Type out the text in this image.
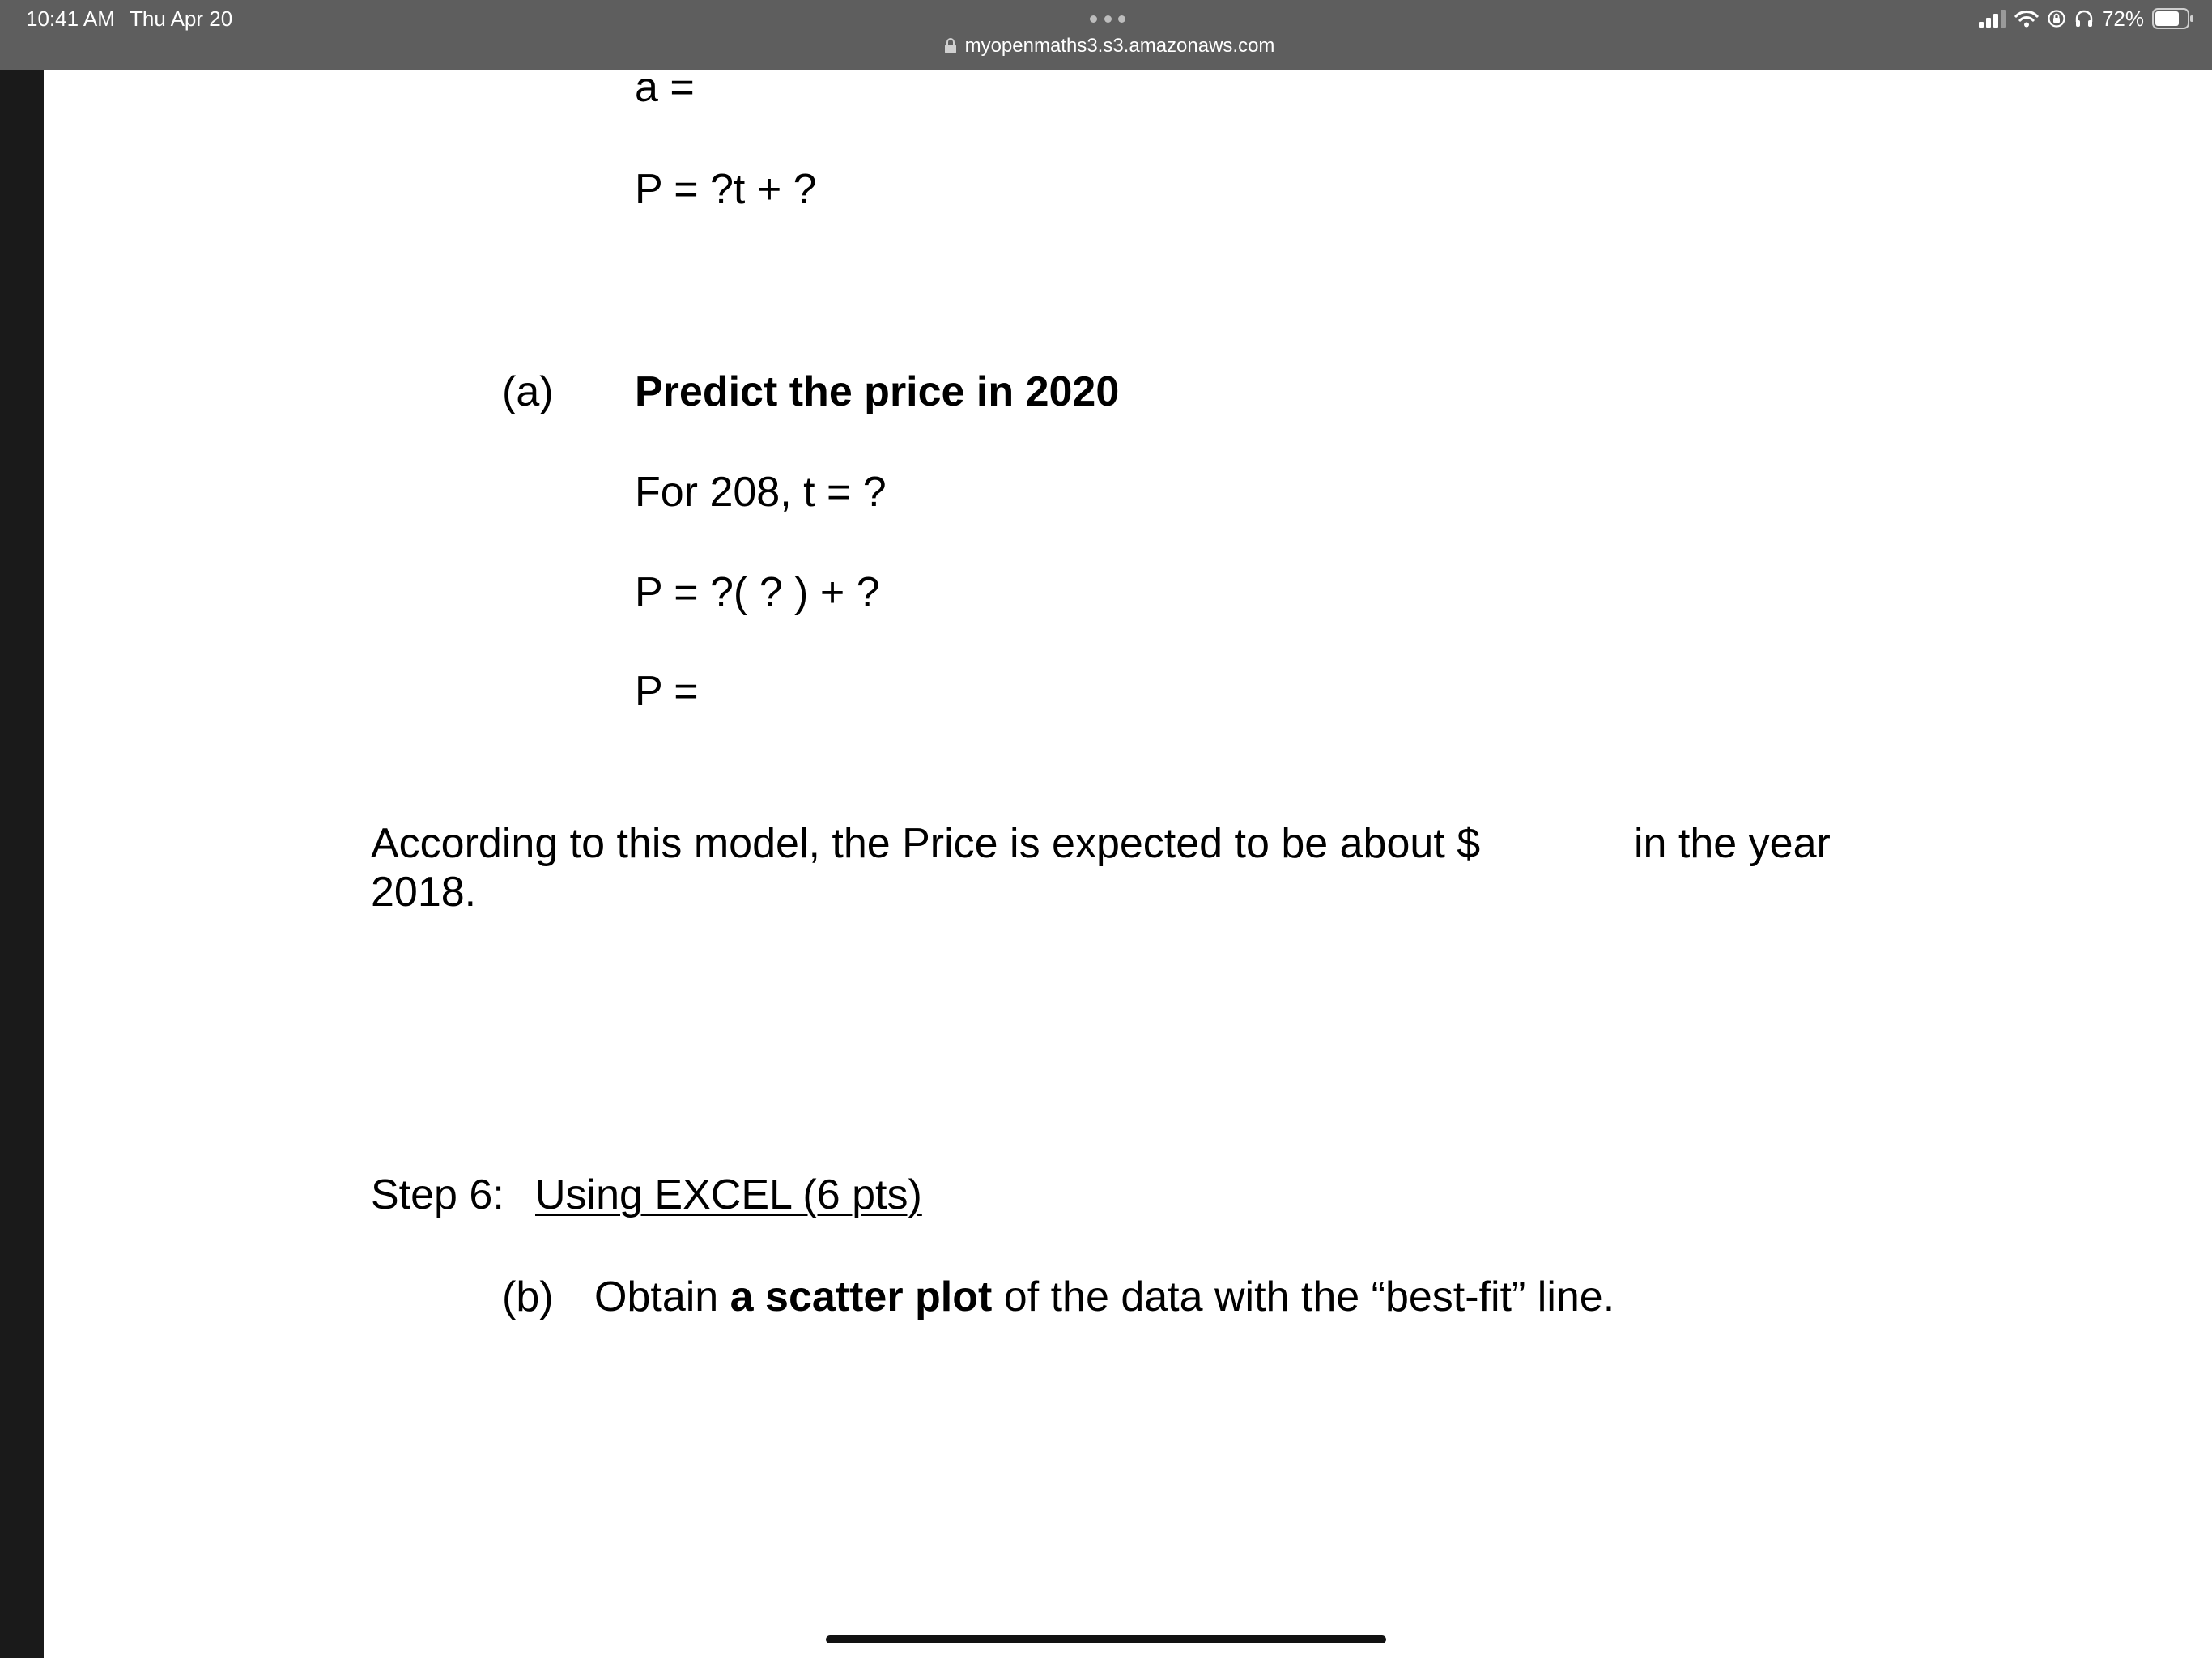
10:41 AM Thu Apr 20
myopenmaths3.s3.amazonaws.com
72%
a =
P = ?t + ?
(a) Predict the price in 2020
For 208, t = ?
P = ?( ? ) + ?
P =
According to this model, the Price is expected to be about $	in the year
2018.
Step 6: Using EXCEL (6 pts)
(b) Obtain a scatter plot of the data with the “best-fit” line.
